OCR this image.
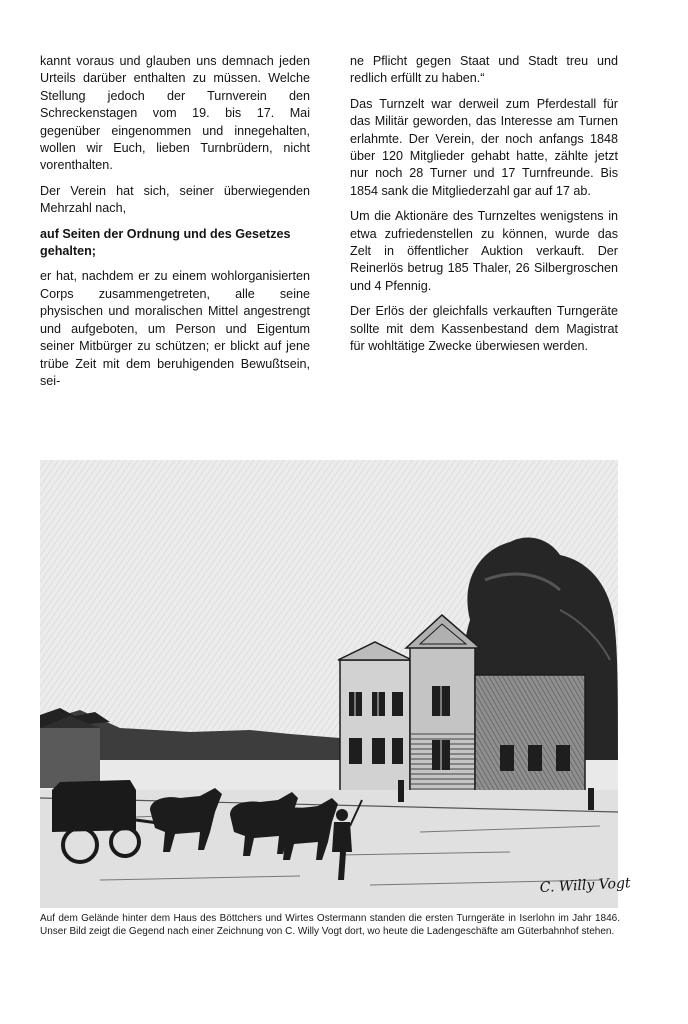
kannt voraus und glauben uns demnach jeden Urteils darüber enthalten zu müssen. Welche Stellung jedoch der Turnverein den Schreckenstagen vom 19. bis 17. Mai gegenüber eingenommen und innegehalten, wollen wir Euch, lieben Turnbrüdern, nicht vorenthalten.

Der Verein hat sich, seiner überwiegenden Mehrzahl nach,

auf Seiten der Ordnung und des Gesetzes gehalten;

er hat, nachdem er zu einem wohlorganisierten Corps zusammengetreten, alle seine physischen und moralischen Mittel angestrengt und aufgeboten, um Person und Eigentum seiner Mitbürger zu schützen; er blickt auf jene trübe Zeit mit dem beruhigenden Bewußtsein, sei-

ne Pflicht gegen Staat und Stadt treu und redlich erfüllt zu haben.“

Das Turnzelt war derweil zum Pferdestall für das Militär geworden, das Interesse am Turnen erlahmte. Der Verein, der noch anfangs 1848 über 120 Mitglieder gehabt hatte, zählte jetzt nur noch 28 Turner und 17 Turnfreunde. Bis 1854 sank die Mitgliederzahl gar auf 17 ab.

Um die Aktionäre des Turnzeltes wenigstens in etwa zufriedenstellen zu können, wurde das Zelt in öffentlicher Auktion verkauft. Der Reinerlös betrug 185 Thaler, 26 Silbergroschen und 4 Pfennig.

Der Erlös der gleichfalls verkauften Turngeräte sollte mit dem Kassenbestand dem Magistrat für wohltätige Zwecke überwiesen werden.

C. Willy Vogt
Auf dem Gelände hinter dem Haus des Böttchers und Wirtes Ostermann standen die ersten Turngeräte in Iserlohn im Jahr 1846. Unser Bild zeigt die Gegend nach einer Zeichnung von C. Willy Vogt dort, wo heute die Ladengeschäfte am Güterbahnhof stehen.
